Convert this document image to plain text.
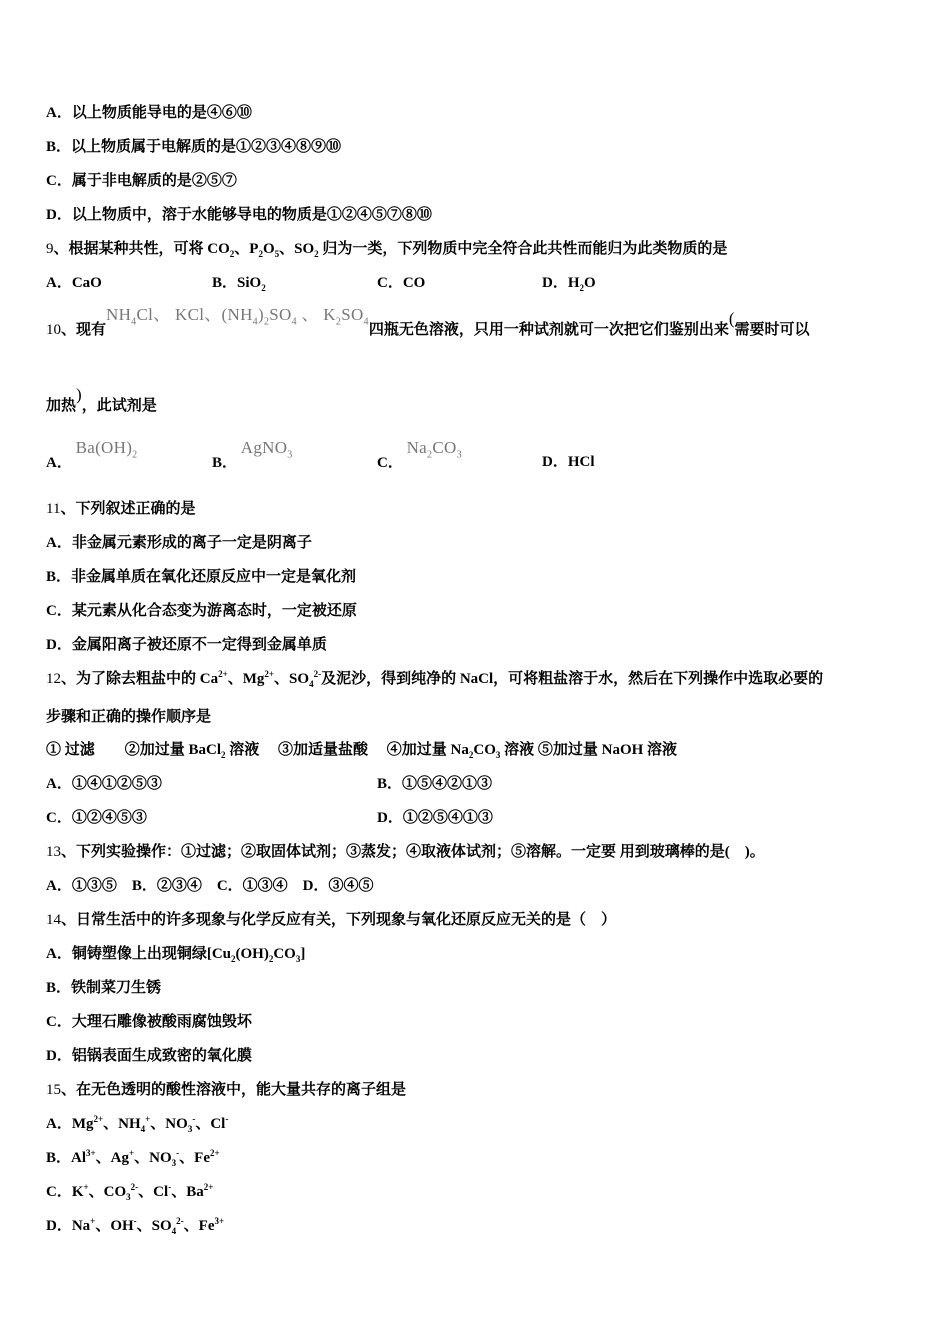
A．以上物质能导电的是④⑥⑩
B．以上物质属于电解质的是①②③④⑧⑨⑩
C．属于非电解质的是②⑤⑦
D．以上物质中，溶于水能够导电的物质是①②④⑤⑦⑧⑩
9、根据某种共性，可将 $CO_2$、$P_2O_5$、$SO_2$ 归为一类，下列物质中完全符合此共性而能归为此类物质的是
A．CaO	B．SiO$_2$	C．CO	D．$H_2O$
10、现有$NH_4Cl$、 KCl、$(NH_4)_2SO_4$ 、 $K_2SO_4$四瓶无色溶液，只用一种试剂就可一次把它们鉴别出来(需要时可以
加热)，此试剂是
A． $Ba(OH)_2$
B． AgNO$_3$
C． $Na_2CO_3$	D．HCl
11、下列叙述正确的是
A．非金属元素形成的离子一定是阴离子
B．非金属单质在氧化还原反应中一定是氧化剂
C．某元素从化合态变为游离态时，一定被还原
D．金属阳离子被还原不一定得到金属单质
12、为了除去粗盐中的 $Ca^{2+}$、$Mg^{2+}$、$SO_4^{2-}$及泥沙，得到纯净的 NaCl，可将粗盐溶于水，然后在下列操作中选取必要的
步骤和正确的操作顺序是
① 过滤　　②加过量 BaCl$_2$ 溶液　 ③加适量盐酸　 ④加过量 $Na_2CO_3$ 溶液 ⑤加过量 NaOH 溶液
A．①④①②⑤③	B．①⑤④②①③
C．①②④⑤③	D．①②⑤④①③
13、下列实验操作：①过滤；②取固体试剂；③蒸发；④取液体试剂；⑤溶解。一定要 用到玻璃棒的是(　)。
A．①③⑤　B．②③④　C．①③④　D．③④⑤
14、日常生活中的许多现象与化学反应有关，下列现象与氧化还原反应无关的是（　）
A．铜铸塑像上出现铜绿$[Cu_2(OH)_2CO_3]$
B．铁制菜刀生锈
C．大理石雕像被酸雨腐蚀毁坏
D．铝锅表面生成致密的氧化膜
15、在无色透明的酸性溶液中，能大量共存的离子组是
A．$Mg^{2+}$、$NH_4^+$、$NO_3^-$、Cl-
B．$Al^{3+}$、Ag+、$NO_3^-$、$Fe^{2+}$
C．K+、$CO_3^{2-}$、Cl-、$Ba^{2+}$
D．Na+、OH-、$SO_4^{2-}$、$Fe^{3+}$
